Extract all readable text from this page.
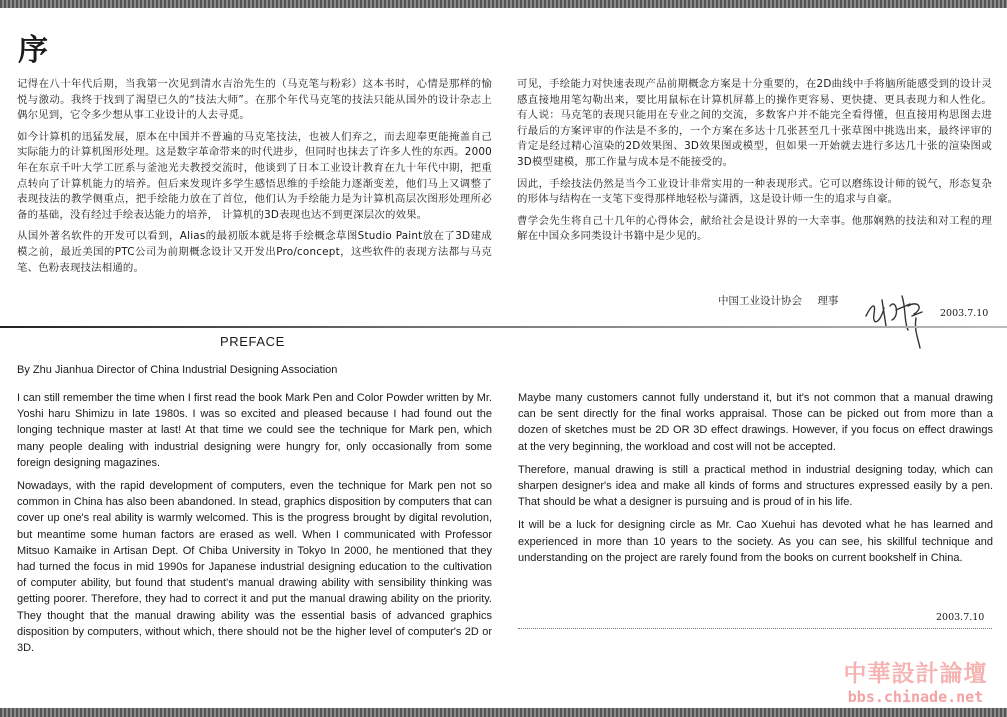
序

记得在八十年代后期，当我第一次见到清水吉治先生的（马克笔与粉彩）这本书时，心情是那样的愉悦与激动。我终于找到了渴望已久的“技法大师”。在那个年代马克笔的技法只能从国外的设计杂志上偶尔见到，它令多少想从事工业设计的人去寻觅。

如今计算机的迅猛发展，原本在中国并不普遍的马克笔技法，也被人们弃之，而去迎奉更能掩盖自己实际能力的计算机图形处理。这是数字革命带来的时代进步，但同时也抹去了许多人性的东西。2000年在东京千叶大学工匠系与釜池光夫教授交流时，他谈到了日本工业设计教育在九十年代中期，把重点转向了计算机能力的培养。但后来发现许多学生感悟思维的手绘能力逐渐变差，他们马上又调整了表现技法的教学侧重点，把手绘能力放在了首位，他们认为手绘能力是为计算机高层次图形处理所必备的基础，没有经过手绘表达能力的培养， 计算机的3D表现也达不到更深层次的效果。

从国外著名软件的开发可以看到，Alias的最初版本就是将手绘概念草图Studio Paint放在了3D建成模之前，最近美国的PTC公司为前期概念设计又开发出Pro/concept，这些软件的表现方法都与马克笔、色粉表现技法相通的。

可见，手绘能力对快速表现产品前期概念方案是十分重要的，在2D曲线中手将脑所能感受到的设计灵感直接地用笔勾勒出来，要比用鼠标在计算机屏幕上的操作更容易、更快捷、更具表现力和人性化。有人说：马克笔的表现只能用在专业之间的交流，多数客户并不能完全看得懂，但直接用构思图去进行最后的方案评审的作法是不多的，一个方案在多达十几张甚至几十张草图中挑选出来，最终评审的肯定是经过精心渲染的2D效果图、3D效果图或模型，但如果一开始就去进行多达几十张的渲染图或3D模型建模，那工作量与成本是不能接受的。

因此，手绘技法仍然是当今工业设计非常实用的一种表现形式。它可以磨练设计师的锐气，形态复杂的形体与结构在一支笔下变得那样地轻松与潇洒，这是设计师一生的追求与自豪。

曹学会先生将自己十几年的心得体会，献给社会是设计界的一大幸事。他那娴熟的技法和对工程的理解在中国众多同类设计书籍中是少见的。

中国工业设计协会 理事
2003.7.10
PREFACE
By Zhu Jianhua Director of China Industrial Designing Association

I can still remember the time when I first read the book Mark Pen and Color Powder written by Mr. Yoshi haru Shimizu in late 1980s. I was so excited and pleased because I had found out the longing technique master at last! At that time we could see the technique for Mark pen, which many people dealing with industrial designing were hungry for, only occasionally from some foreign designing magazines.

Nowadays, with the rapid development of computers, even the technique for Mark pen not so common in China has also been abandoned. In stead, graphics disposition by computers that can cover up one's real ability is warmly welcomed. This is the progress brought by digital revolution, but meantime some human factors are erased as well. When I communicated with Professor Mitsuo Kamaike in Artisan Dept. Of Chiba University in Tokyo In 2000, he mentioned that they had turned the focus in mid 1990s for Japanese industrial designing education to the cultivation of computer ability, but found that student's manual drawing ability with sensibility thinking was getting poorer. Therefore, they had to correct it and put the manual drawing ability on the priority. They thought that the manual drawing ability was the essential basis of advanced graphics disposition by computers, without which, there should not be the higher level of computer's 2D or 3D.

Maybe many customers cannot fully understand it, but it's not common that a manual drawing can be sent directly for the final works appraisal. Those can be picked out from more than a dozen of sketches must be 2D OR 3D effect drawings. However, if you focus on effect drawings at the very beginning, the workload and cost will not be accepted.

Therefore, manual drawing is still a practical method in industrial designing today, which can sharpen designer's idea and make all kinds of forms and structures expressed easily by a pen. That should be what a designer is pursuing and is proud of in his life.

It will be a luck for designing circle as Mr. Cao Xuehui has devoted what he has learned and experienced in more than 10 years to the society. As you can see, his skillful technique and understanding on the project are rarely found from the books on current bookshelf in China.

2003.7.10
中華設計論壇
bbs.chinade.net
